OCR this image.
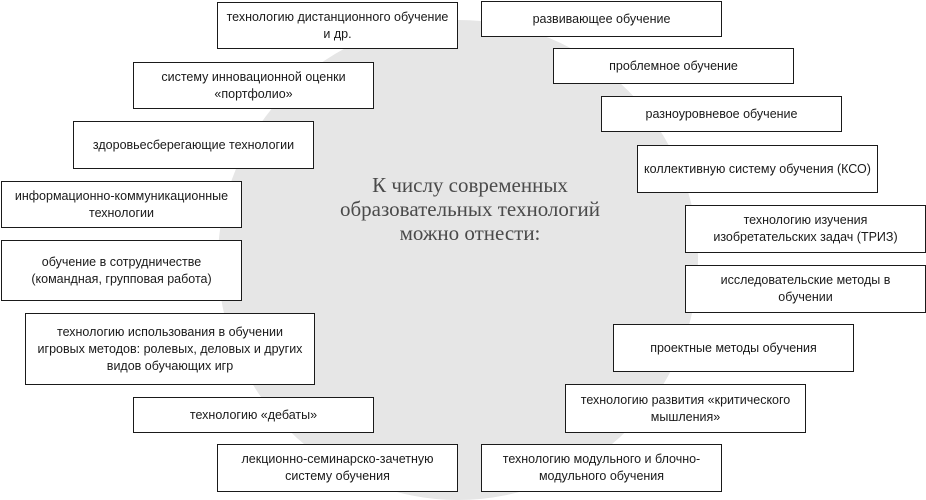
К числу современных образовательных технологий можно отнести:
технологию дистанционного обучение и др.
систему инновационной оценки «портфолио»
здоровьесберегающие технологии
информационно-коммуникационные технологии
обучение в сотрудничестве (командная, групповая работа)
технологию использования в обучении игровых методов: ролевых, деловых и других видов обучающих игр
технологию «дебаты»
лекционно-семинарско-зачетную систему обучения
развивающее обучение
проблемное обучение
разноуровневое обучение
коллективную систему обучения (КСО)
технологию изучения изобретательских задач (ТРИЗ)
исследовательские методы в обучении
проектные методы обучения
технологию развития «критического мышления»
технологию модульного и блочно-модульного обучения
